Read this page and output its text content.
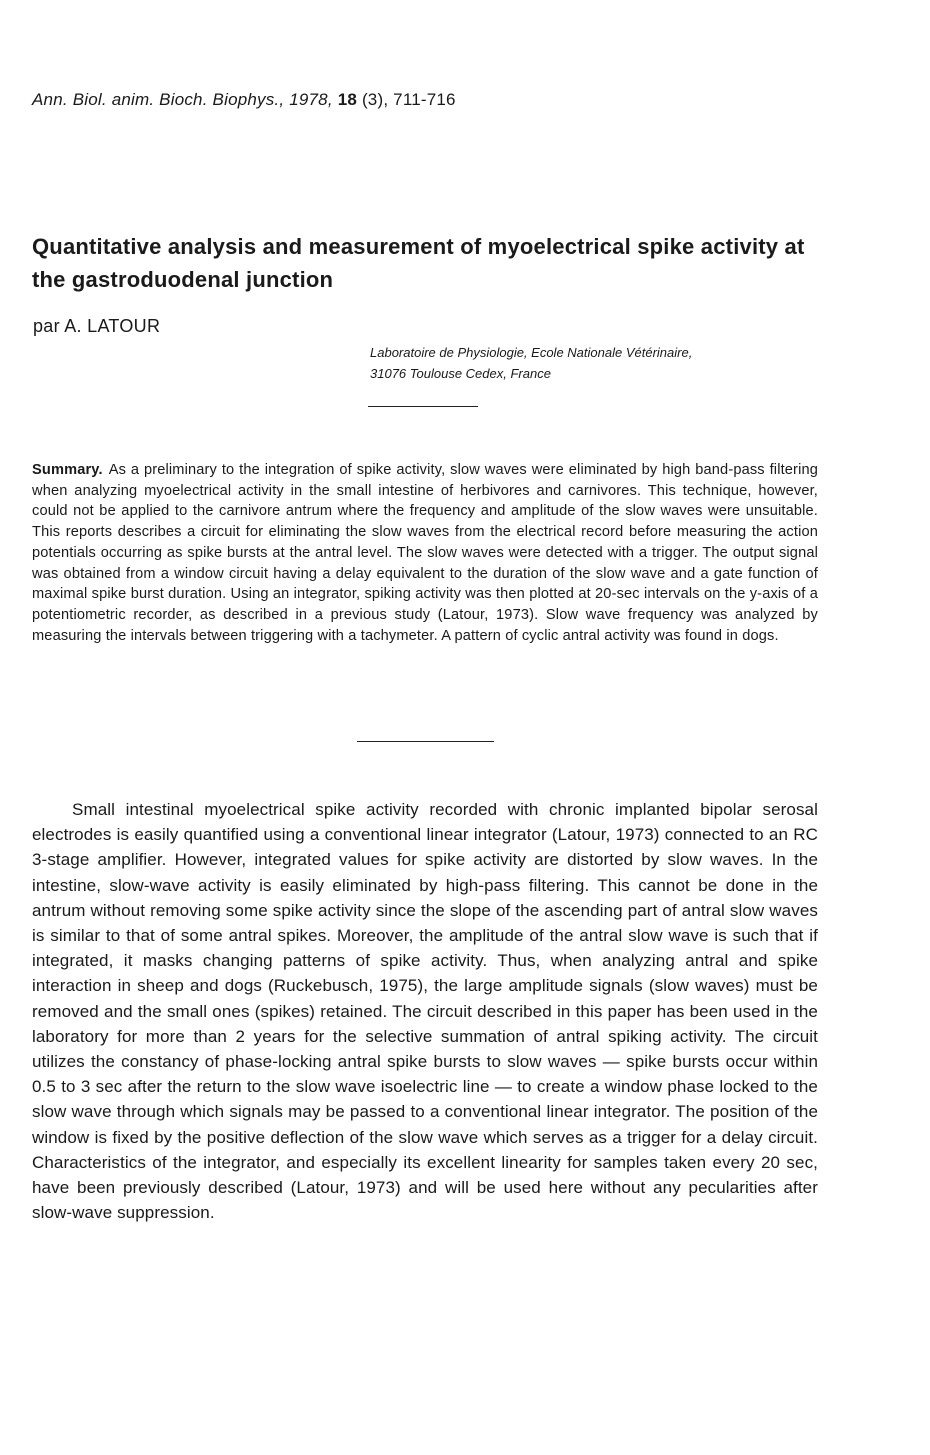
Ann. Biol. anim. Bioch. Biophys., 1978, 18 (3), 711-716
Quantitative analysis and measurement of myoelectrical spike activity at the gastroduodenal junction
par A. LATOUR
Laboratoire de Physiologie, Ecole Nationale Vétérinaire,
31076 Toulouse Cedex, France
Summary. As a preliminary to the integration of spike activity, slow waves were eliminated by high band-pass filtering when analyzing myoelectrical activity in the small intestine of herbivores and carnivores. This technique, however, could not be applied to the carnivore antrum where the frequency and amplitude of the slow waves were unsuitable. This reports describes a circuit for eliminating the slow waves from the electrical record before measuring the action potentials occurring as spike bursts at the antral level. The slow waves were detected with a trigger. The output signal was obtained from a window circuit having a delay equivalent to the duration of the slow wave and a gate function of maximal spike burst duration. Using an integrator, spiking activity was then plotted at 20-sec intervals on the y-axis of a potentiometric recorder, as described in a previous study (Latour, 1973). Slow wave frequency was analyzed by measuring the intervals between triggering with a tachymeter. A pattern of cyclic antral activity was found in dogs.
Small intestinal myoelectrical spike activity recorded with chronic implanted bipolar serosal electrodes is easily quantified using a conventional linear integrator (Latour, 1973) connected to an RC 3-stage amplifier. However, integrated values for spike activity are distorted by slow waves. In the intestine, slow-wave activity is easily eliminated by high-pass filtering. This cannot be done in the antrum without removing some spike activity since the slope of the ascending part of antral slow waves is similar to that of some antral spikes. Moreover, the amplitude of the antral slow wave is such that if integrated, it masks changing patterns of spike activity. Thus, when analyzing antral and spike interaction in sheep and dogs (Ruckebusch, 1975), the large amplitude signals (slow waves) must be removed and the small ones (spikes) retained. The circuit described in this paper has been used in the laboratory for more than 2 years for the selective summation of antral spiking activity. The circuit utilizes the constancy of phase-locking antral spike bursts to slow waves — spike bursts occur within 0.5 to 3 sec after the return to the slow wave isoelectric line — to create a window phase locked to the slow wave through which signals may be passed to a conventional linear integrator. The position of the window is fixed by the positive deflection of the slow wave which serves as a trigger for a delay circuit. Characteristics of the integrator, and especially its excellent linearity for samples taken every 20 sec, have been previously described (Latour, 1973) and will be used here without any pecularities after slow-wave suppression.
